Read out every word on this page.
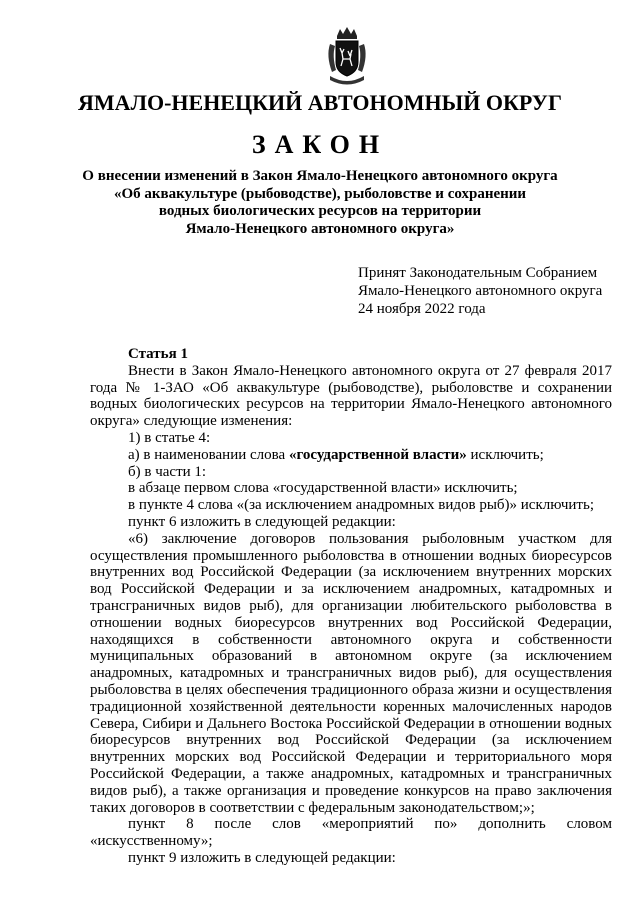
ЯМАЛО-НЕНЕЦКИЙ АВТОНОМНЫЙ ОКРУГ
ЗАКОН
О внесении изменений в Закон Ямало-Ненецкого автономного округа
«Об аквакультуре (рыбоводстве), рыболовстве и сохранении
водных биологических ресурсов на территории
Ямало-Ненецкого автономного округа»
Принят Законодательным Собранием
Ямало-Ненецкого автономного округа
24 ноября 2022 года

Статья 1

Внести в Закон Ямало-Ненецкого автономного округа от 27 февраля 2017 года № 1-ЗАО «Об аквакультуре (рыбоводстве), рыболовстве и сохранении водных биологических ресурсов на территории Ямало-Ненецкого автономного округа» следующие изменения:

1) в статье 4:

а) в наименовании слова «государственной власти» исключить;

б) в части 1:

в абзаце первом слова «государственной власти» исключить;

в пункте 4 слова «(за исключением анадромных видов рыб)» исключить;

пункт 6 изложить в следующей редакции:

«6) заключение договоров пользования рыболовным участком для осуществления промышленного рыболовства в отношении водных биоресурсов внутренних вод Российской Федерации (за исключением внутренних морских вод Российской Федерации и за исключением анадромных, катадромных и трансграничных видов рыб), для организации любительского рыболовства в отношении водных биоресурсов внутренних вод Российской Федерации, находящихся в собственности автономного округа и собственности муниципальных образований в автономном округе (за исключением анадромных, катадромных и трансграничных видов рыб), для осуществления рыболовства в целях обеспечения традиционного образа жизни и осуществления традиционной хозяйственной деятельности коренных малочисленных народов Севера, Сибири и Дальнего Востока Российской Федерации в отношении водных биоресурсов внутренних вод Российской Федерации (за исключением внутренних морских вод Российской Федерации и территориального моря Российской Федерации, а также анадромных, катадромных и трансграничных видов рыб), а также организация и проведение конкурсов на право заключения таких договоров в соответствии с федеральным законодательством;»;

пункт 8 после слов «мероприятий по» дополнить словом «искусственному»;

пункт 9 изложить в следующей редакции:
